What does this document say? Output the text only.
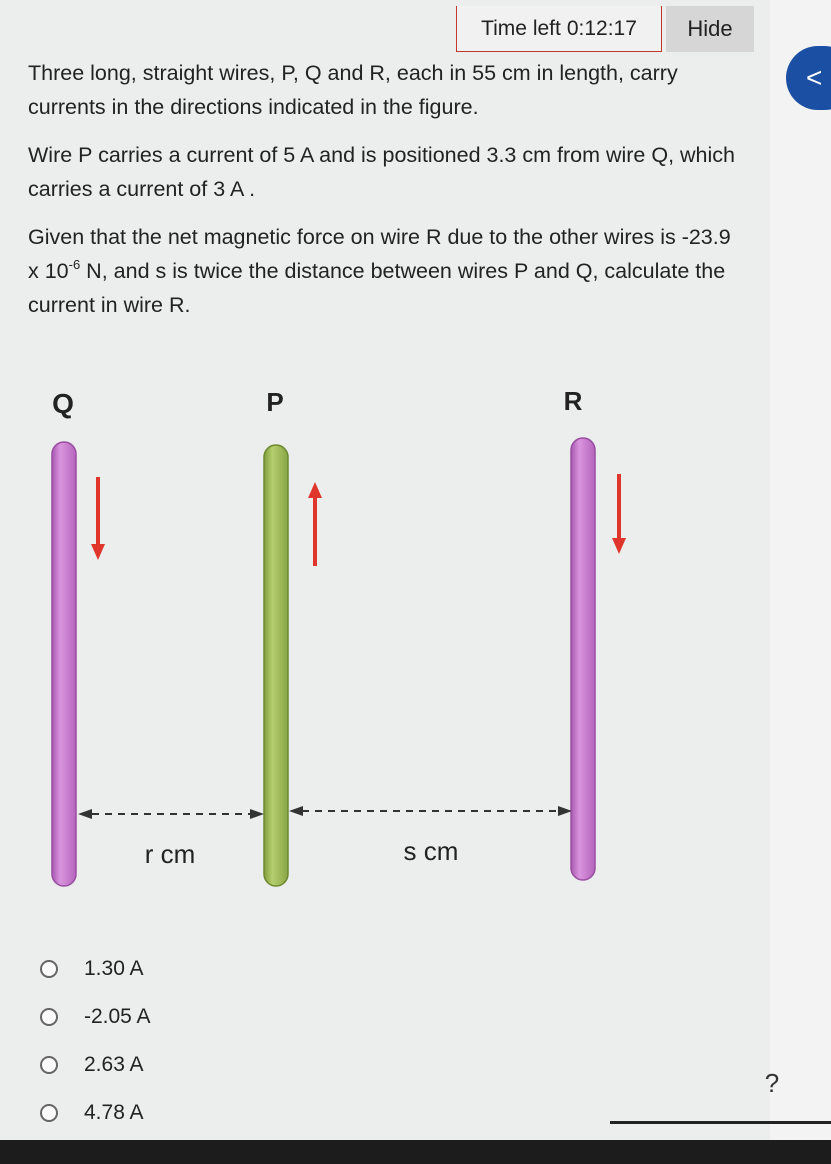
Time left 0:12:17	Hide
<

Three long, straight wires, P, Q and R, each in 55 cm in length, carry currents in the directions indicated in the figure.

Wire P carries a current of 5 A and is positioned 3.3 cm from wire Q, which carries a current of 3 A .

Given that the net magnetic force on wire R due to the other wires is -23.9 x $10^{-6}$ N, and s is twice the distance between wires P and Q, calculate the current in wire R.

Q	P	R
r cm	s cm
1.30 A
-2.05 A
2.63 A
4.78 A
?
